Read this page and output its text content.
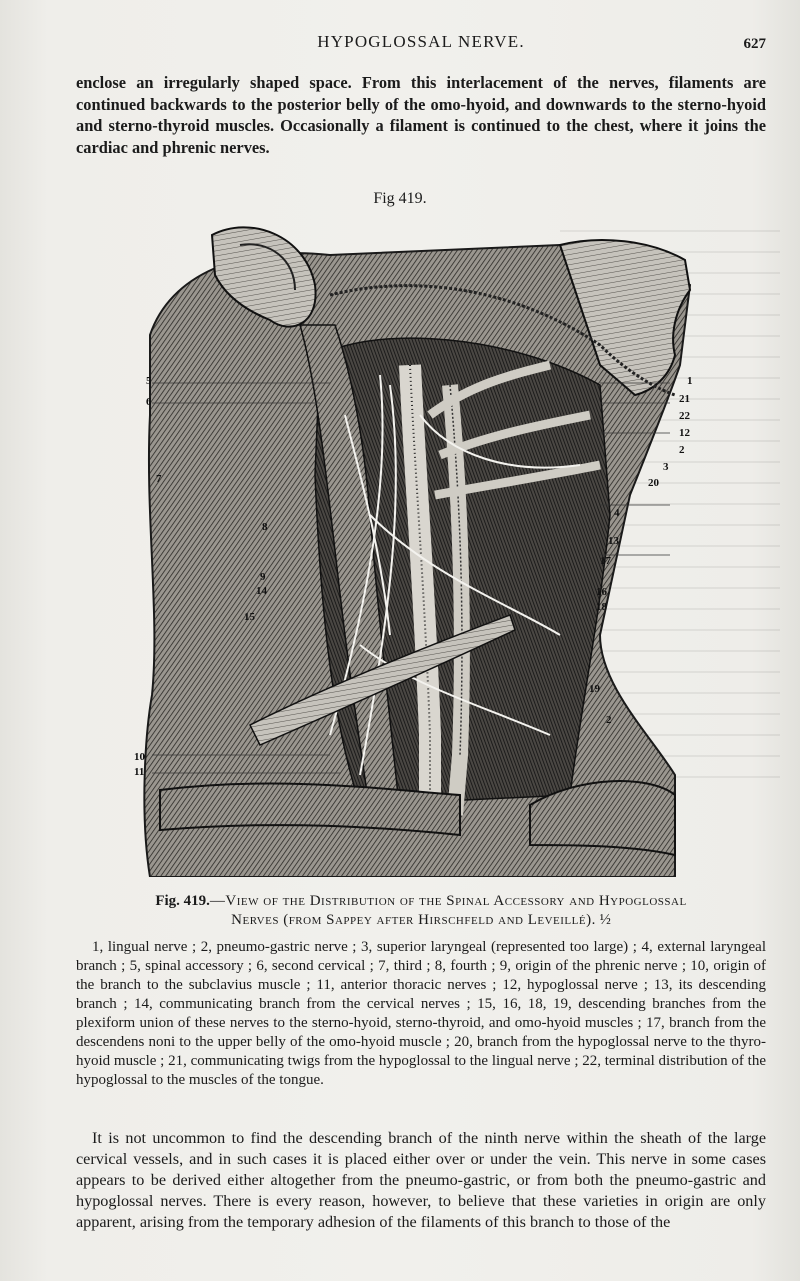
HYPOGLOSSAL NERVE.	627
enclose an irregularly shaped space. From this interlacement of the nerves, filaments are continued backwards to the posterior belly of the omo-hyoid, and downwards to the sterno-hyoid and sterno-thyroid muscles. Occasionally a filament is continued to the chest, where it joins the cardiac and phrenic nerves.
Fig 419.
5
6
7
8
9
14
15
10
11
1
21
22
12
2
3
20
4
13
17
16
18
19
2
Fig. 419.—View of the Distribution of the Spinal Accessory and Hypoglossal
Nerves (from Sappey after Hirschfeld and Leveillé). ½
1, lingual nerve ; 2, pneumo-gastric nerve ; 3, superior laryngeal (represented too large) ; 4, external laryngeal branch ; 5, spinal accessory ; 6, second cervical ; 7, third ; 8, fourth ; 9, origin of the phrenic nerve ; 10, origin of the branch to the subclavius muscle ; 11, anterior thoracic nerves ; 12, hypoglossal nerve ; 13, its descending branch ; 14, communicating branch from the cervical nerves ; 15, 16, 18, 19, descending branches from the plexiform union of these nerves to the sterno-hyoid, sterno-thyroid, and omo-hyoid muscles ; 17, branch from the descendens noni to the upper belly of the omo-hyoid muscle ; 20, branch from the hypoglossal nerve to the thyro-hyoid muscle ; 21, communicating twigs from the hypoglossal to the lingual nerve ; 22, terminal distribution of the hypoglossal to the muscles of the tongue.
It is not uncommon to find the descending branch of the ninth nerve within the sheath of the large cervical vessels, and in such cases it is placed either over or under the vein. This nerve in some cases appears to be derived either altogether from the pneumo-gastric, or from both the pneumo-gastric and hypoglossal nerves. There is every reason, however, to believe that these varieties in origin are only apparent, arising from the temporary adhesion of the filaments of this branch to those of the
